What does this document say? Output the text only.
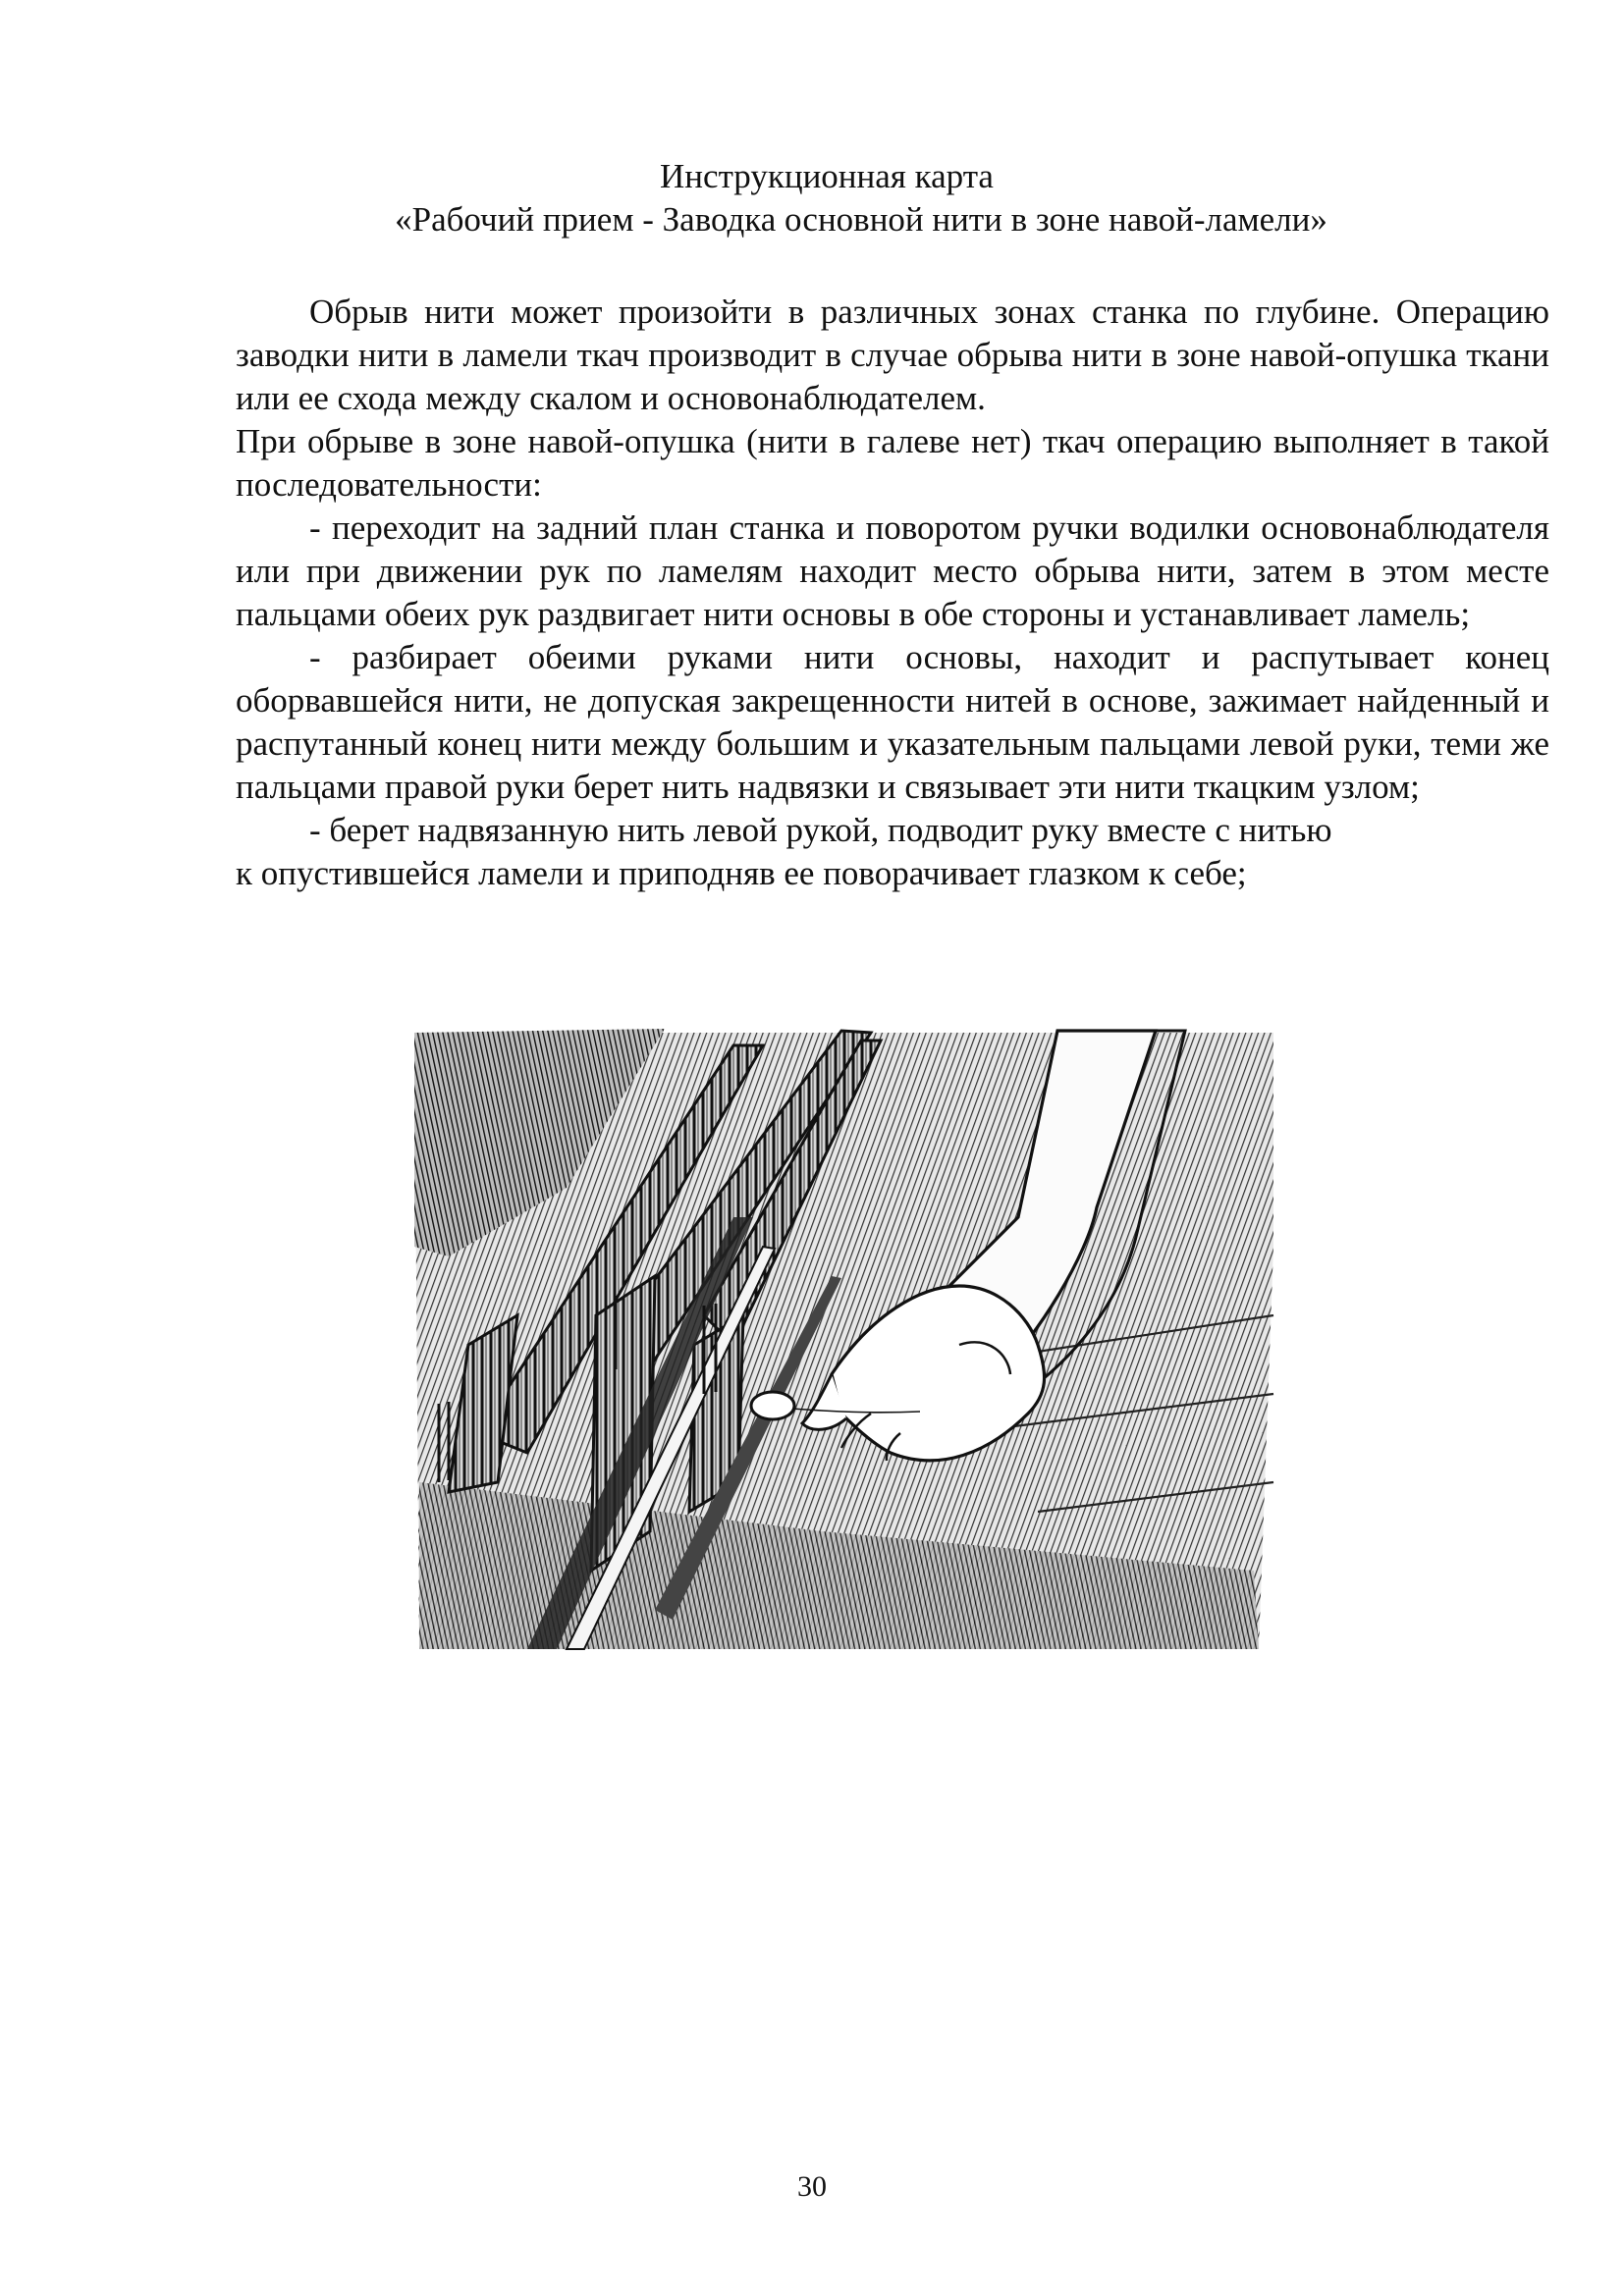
Инструкционная карта
«Рабочий прием - Заводка основной нити в зоне навой-ламели»

Обрыв нити может произойти в различных зонах станка по глубине. Операцию заводки нити в ламели ткач производит в случае обрыва нити в зоне навой-опушка ткани или ее схода между скалом и основонаблюдателем.

При обрыве в зоне навой-опушка (нити в галеве нет) ткач операцию выполняет в такой последовательности:

- переходит на задний план станка и поворотом ручки водилки основонаблюдателя или при движении рук по ламелям находит место обрыва нити, затем в этом месте пальцами обеих рук раздвигает нити основы в обе стороны и устанавливает ламель;

- разбирает обеими руками нити основы, находит и распутывает конец оборвавшейся нити, не допуская закрещенности нитей в основе, зажимает найденный и распутанный конец нити между большим и указательным пальцами левой руки, теми же пальцами правой руки берет нить надвязки и связывает эти нити ткацким узлом;

- берет надвязанную нить левой рукой, подводит руку вместе с нитью

к опустившейся ламели и приподняв ее поворачивает глазком к себе;

30
